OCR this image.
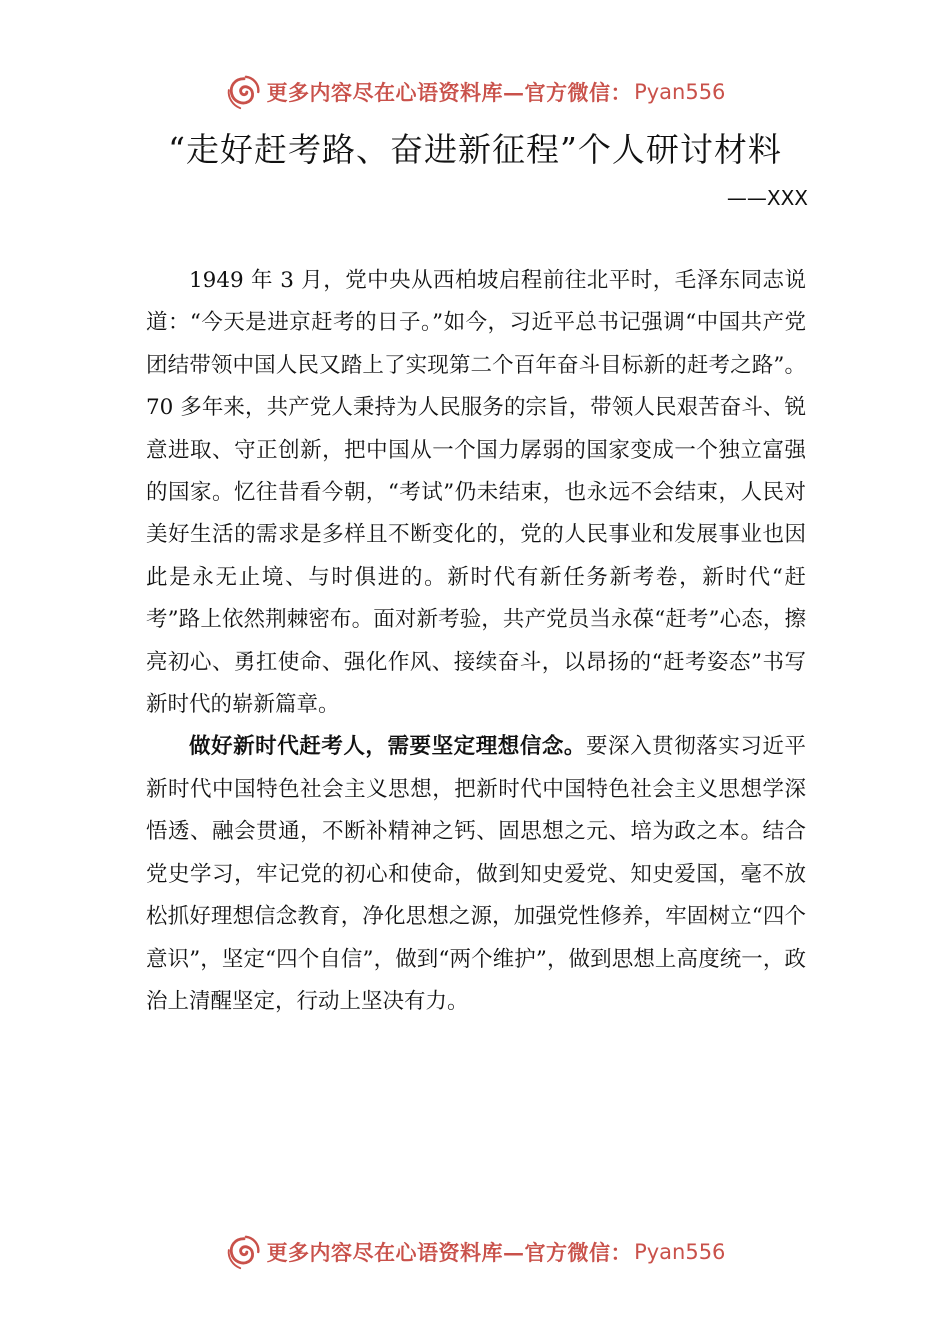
更多内容尽在心语资料库—官方微信： Pyan556
“走好赶考路、奋进新征程”个人研讨材料
——XXX

1949 年 3 月，党中央从西柏坡启程前往北平时，毛泽东同志说道：“今天是进京赶考的日子。”如今，习近平总书记强调“中国共产党团结带领中国人民又踏上了实现第二个百年奋斗目标新的赶考之路”。70 多年来，共产党人秉持为人民服务的宗旨，带领人民艰苦奋斗、锐意进取、守正创新，把中国从一个国力孱弱的国家变成一个独立富强的国家。忆往昔看今朝，“考试”仍未结束，也永远不会结束，人民对美好生活的需求是多样且不断变化的，党的人民事业和发展事业也因此是永无止境、与时俱进的。新时代有新任务新考卷，新时代“赶考”路上依然荆棘密布。面对新考验，共产党员当永葆“赶考”心态，擦亮初心、勇扛使命、强化作风、接续奋斗，以昂扬的“赶考姿态”书写新时代的崭新篇章。

做好新时代赶考人，需要坚定理想信念。要深入贯彻落实习近平新时代中国特色社会主义思想，把新时代中国特色社会主义思想学深悟透、融会贯通，不断补精神之钙、固思想之元、培为政之本。结合党史学习，牢记党的初心和使命，做到知史爱党、知史爱国，毫不放松抓好理想信念教育，净化思想之源，加强党性修养，牢固树立“四个意识”，坚定“四个自信”，做到“两个维护”，做到思想上高度统一，政治上清醒坚定，行动上坚决有力。

更多内容尽在心语资料库—官方微信： Pyan556
